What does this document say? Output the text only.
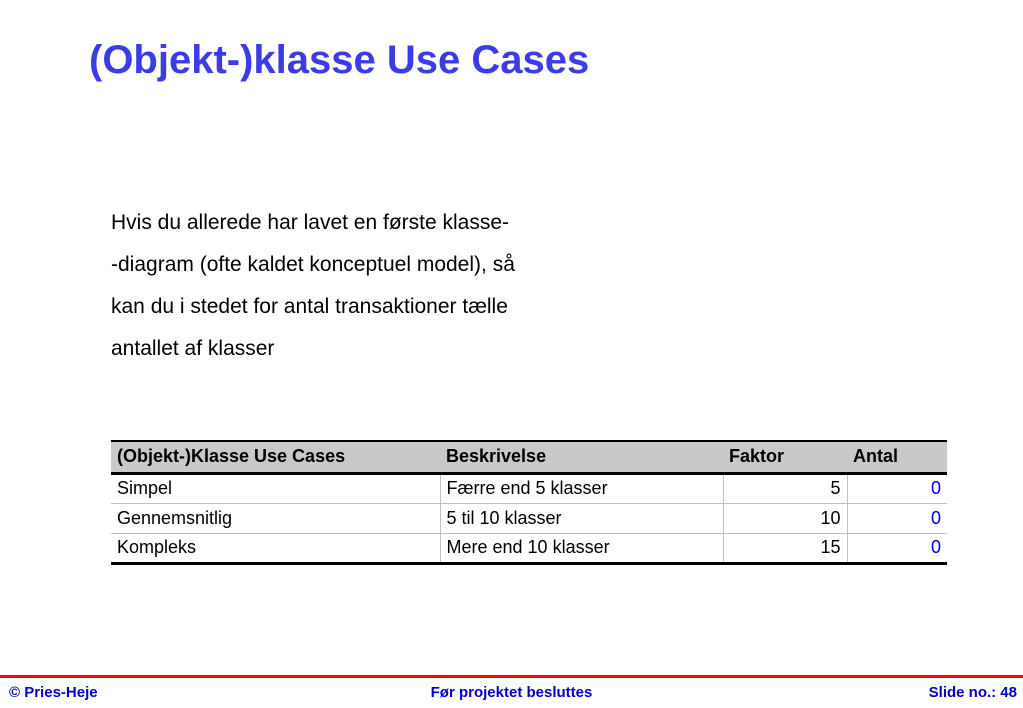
(Objekt-)klasse Use Cases
Hvis du allerede har lavet en første klasse-
-diagram (ofte kaldet konceptuel model), så
kan du i stedet for antal transaktioner tælle
antallet af klasser
(Objekt-)Klasse Use Cases	Beskrivelse	Faktor	Antal
Simpel	Færre end 5 klasser	5	0
Gennemsnitlig	5 til 10 klasser	10	0
Kompleks	Mere end 10 klasser	15	0
© Pries-Heje	Før projektet besluttes	Slide no.: 48
